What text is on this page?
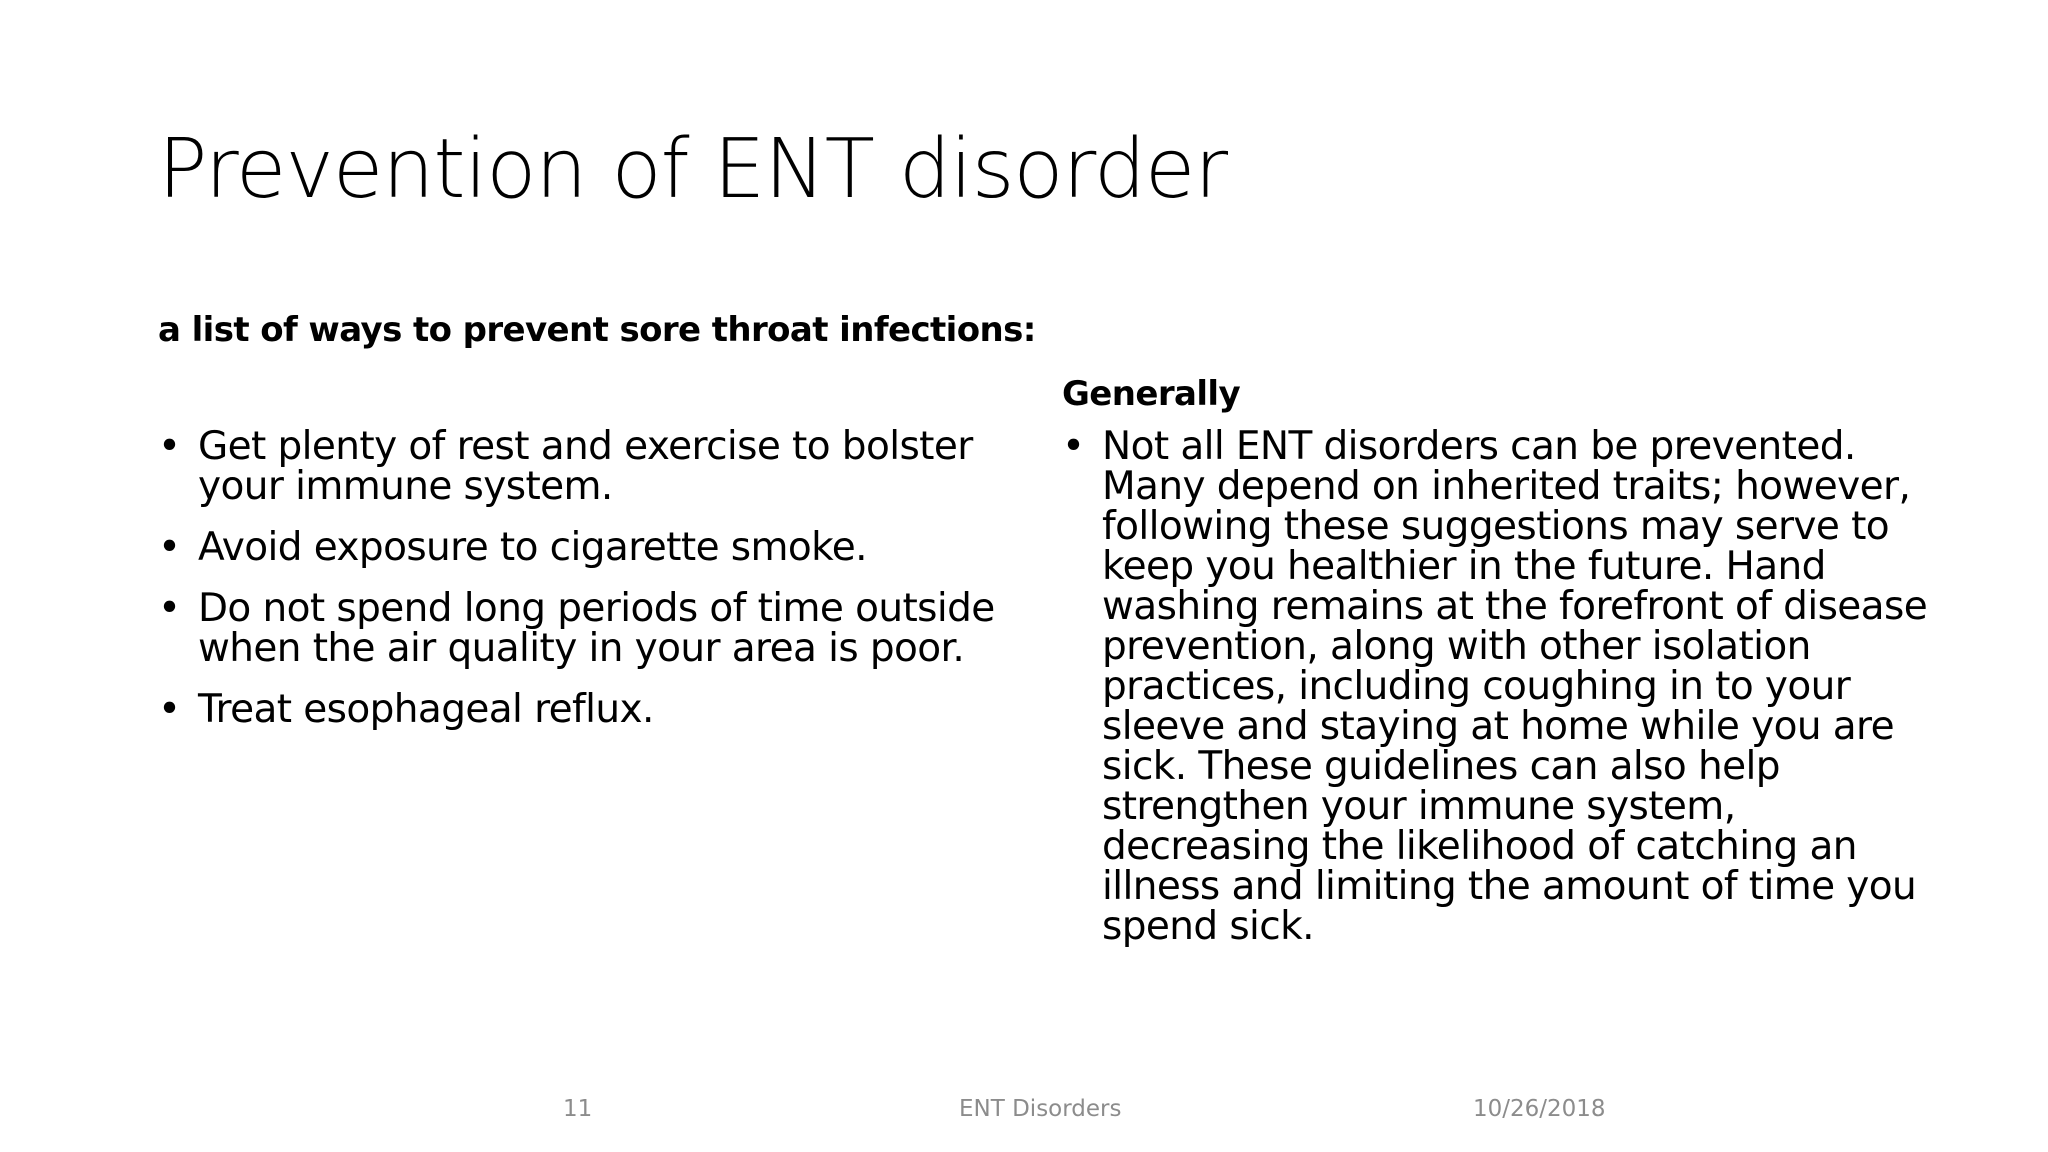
Prevention of ENT disorder
a list of ways to prevent sore throat infections:
• Get plenty of rest and exercise to bolster your immune system.
• Avoid exposure to cigarette smoke.
• Do not spend long periods of time outside when the air quality in your area is poor.
• Treat esophageal reflux.
Generally
• Not all ENT disorders can be prevented. Many depend on inherited traits; however, following these suggestions may serve to keep you healthier in the future. Hand washing remains at the forefront of disease prevention, along with other isolation practices, including coughing in to your sleeve and staying at home while you are sick. These guidelines can also help strengthen your immune system, decreasing the likelihood of catching an illness and limiting the amount of time you spend sick.
11	ENT Disorders	10/26/2018
